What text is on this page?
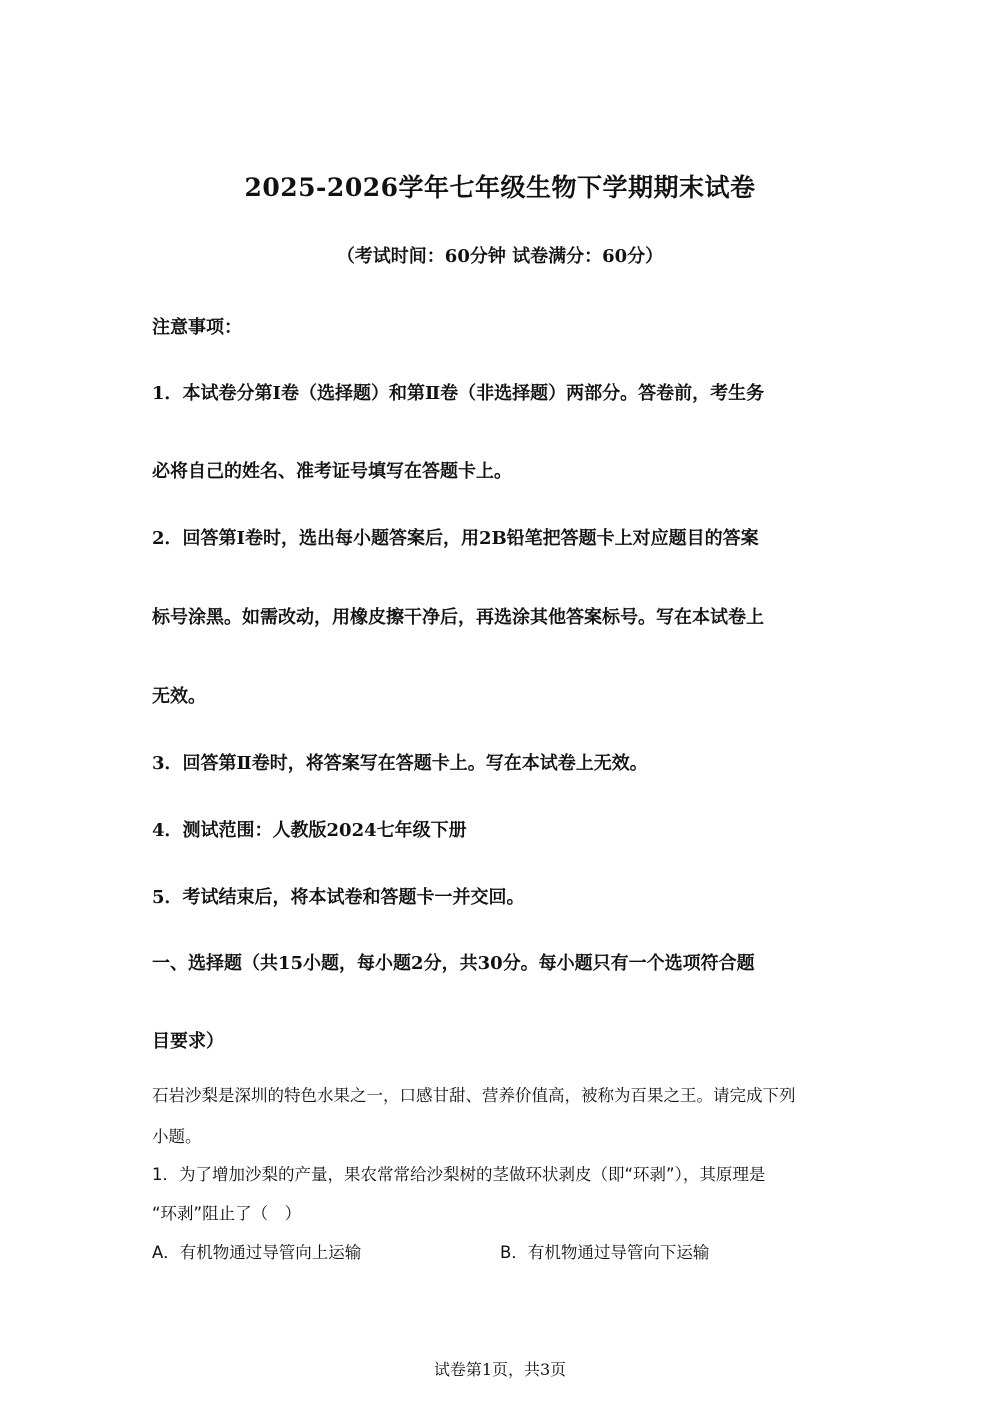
2025-2026学年七年级生物下学期期末试卷
（考试时间：60分钟 试卷满分：60分）
注意事项：
1．本试卷分第Ⅰ卷（选择题）和第Ⅱ卷（非选择题）两部分。答卷前，考生务
必将自己的姓名、准考证号填写在答题卡上。
2．回答第Ⅰ卷时，选出每小题答案后，用2B铅笔把答题卡上对应题目的答案
标号涂黑。如需改动，用橡皮擦干净后，再选涂其他答案标号。写在本试卷上
无效。
3．回答第Ⅱ卷时，将答案写在答题卡上。写在本试卷上无效。
4．测试范围：人教版2024七年级下册
5．考试结束后，将本试卷和答题卡一并交回。
一、选择题（共15小题，每小题2分，共30分。每小题只有一个选项符合题
目要求）
石岩沙梨是深圳的特色水果之一，口感甘甜、营养价值高，被称为百果之王。请完成下列
小题。
1．为了增加沙梨的产量，果农常常给沙梨树的茎做环状剥皮（即“环剥”），其原理是
“环剥”阻止了（　）
A．有机物通过导管向上运输	B．有机物通过导管向下运输
试卷第1页，共3页
